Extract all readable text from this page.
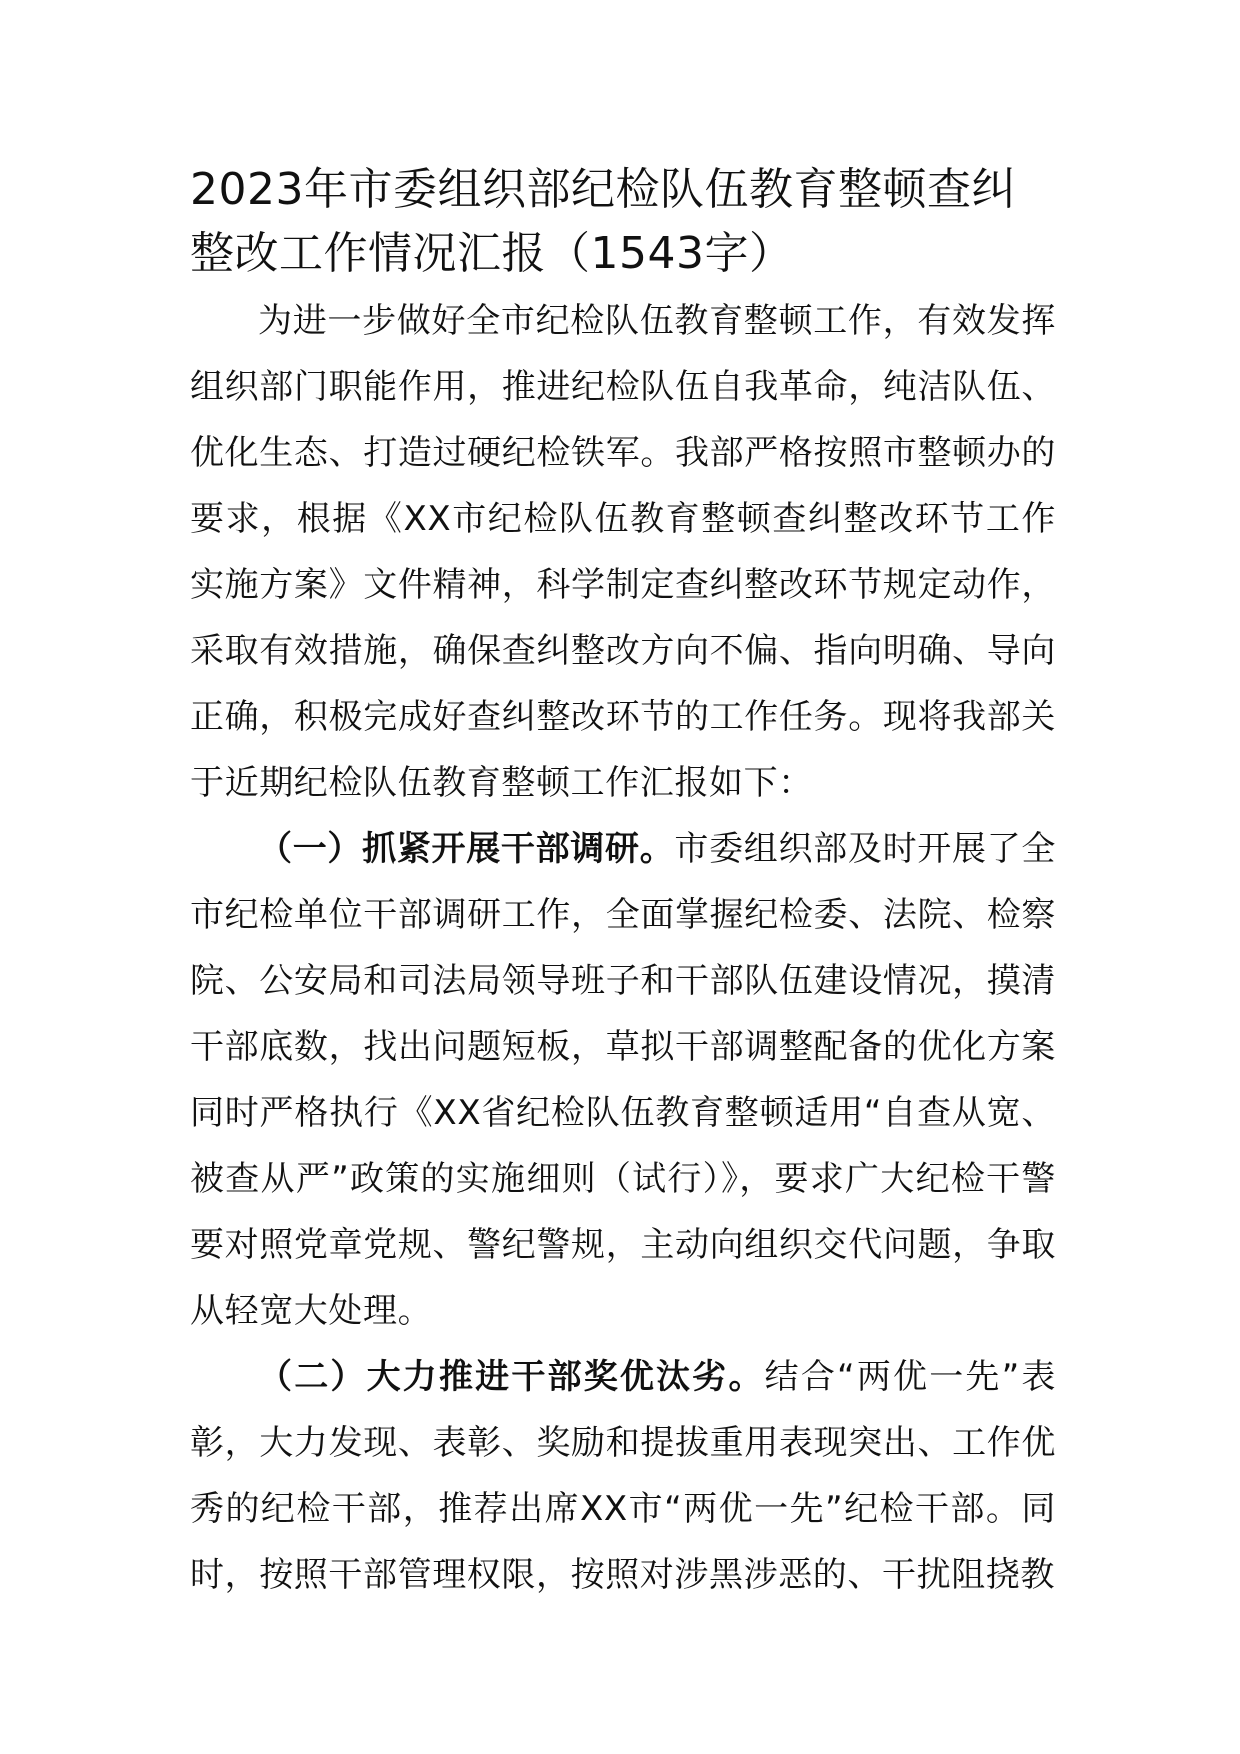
2023年市委组织部纪检队伍教育整顿查纠整改工作情况汇报（1543字）

为进一步做好全市纪检队伍教育整顿工作，有效发挥组织部门职能作用，推进纪检队伍自我革命，纯洁队伍、优化生态、打造过硬纪检铁军。我部严格按照市整顿办的要求，根据《XX市纪检队伍教育整顿查纠整改环节工作实施方案》文件精神，科学制定查纠整改环节规定动作，采取有效措施，确保查纠整改方向不偏、指向明确、导向正确，积极完成好查纠整改环节的工作任务。现将我部关于近期纪检队伍教育整顿工作汇报如下：

（一）抓紧开展干部调研。市委组织部及时开展了全市纪检单位干部调研工作，全面掌握纪检委、法院、检察院、公安局和司法局领导班子和干部队伍建设情况，摸清干部底数，找出问题短板，草拟干部调整配备的优化方案同时严格执行《XX省纪检队伍教育整顿适用“自查从宽、被查从严”政策的实施细则（试行）》，要求广大纪检干警要对照党章党规、警纪警规，主动向组织交代问题，争取从轻宽大处理。

（二）大力推进干部奖优汰劣。结合“两优一先”表彰，大力发现、表彰、奖励和提拔重用表现突出、工作优秀的纪检干部，推荐出席XX市“两优一先”纪检干部。同时，按照干部管理权限，按照对涉黑涉恶的、干扰阻挠教
